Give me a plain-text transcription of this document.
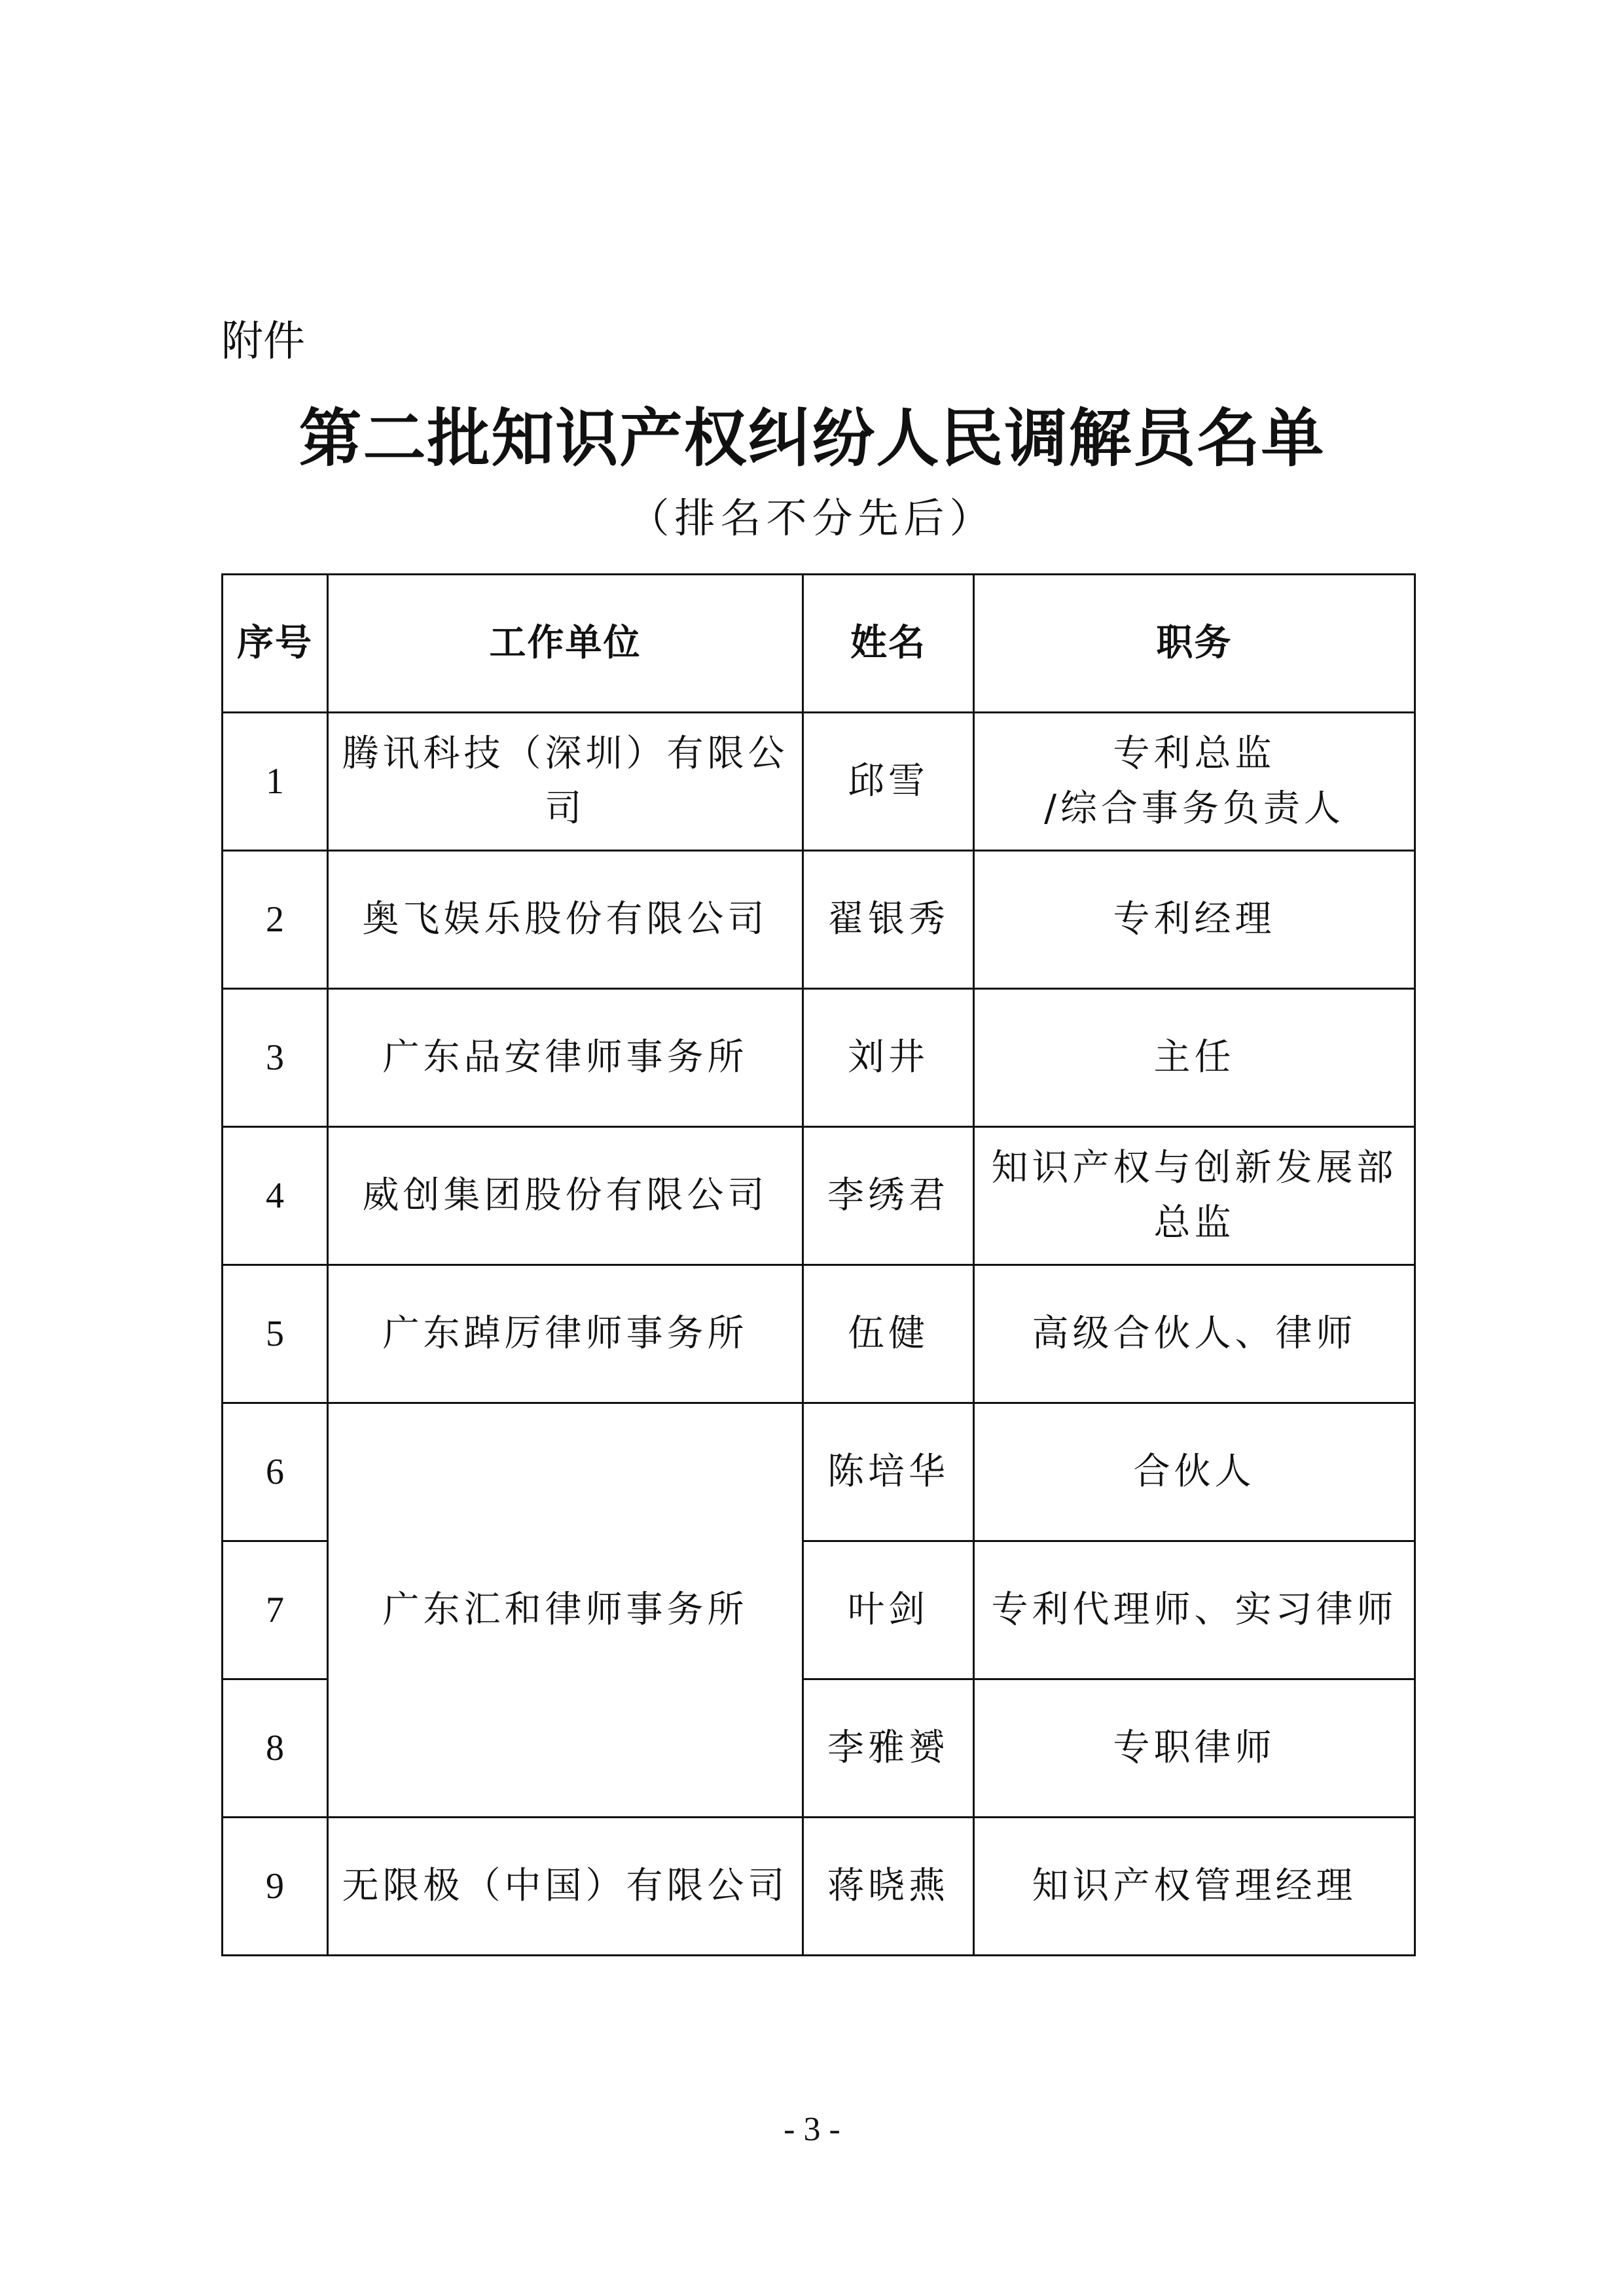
附件
第二批知识产权纠纷人民调解员名单
（排名不分先后）
序号	工作单位	姓名	职务
1	腾讯科技（深圳）有限公司	邱雪	专利总监
/综合事务负责人

2	奥飞娱乐股份有限公司	翟银秀	专利经理

3	广东品安律师事务所	刘井	主任

4	威创集团股份有限公司	李绣君	知识产权与创新发展部
总监

5	广东踔厉律师事务所	伍健	高级合伙人、律师

6	广东汇和律师事务所	陈培华	合伙人

7		叶剑	专利代理师、实习律师

8		李雅赟	专职律师

9	无限极（中国）有限公司	蒋晓燕	知识产权管理经理
- 3 -
